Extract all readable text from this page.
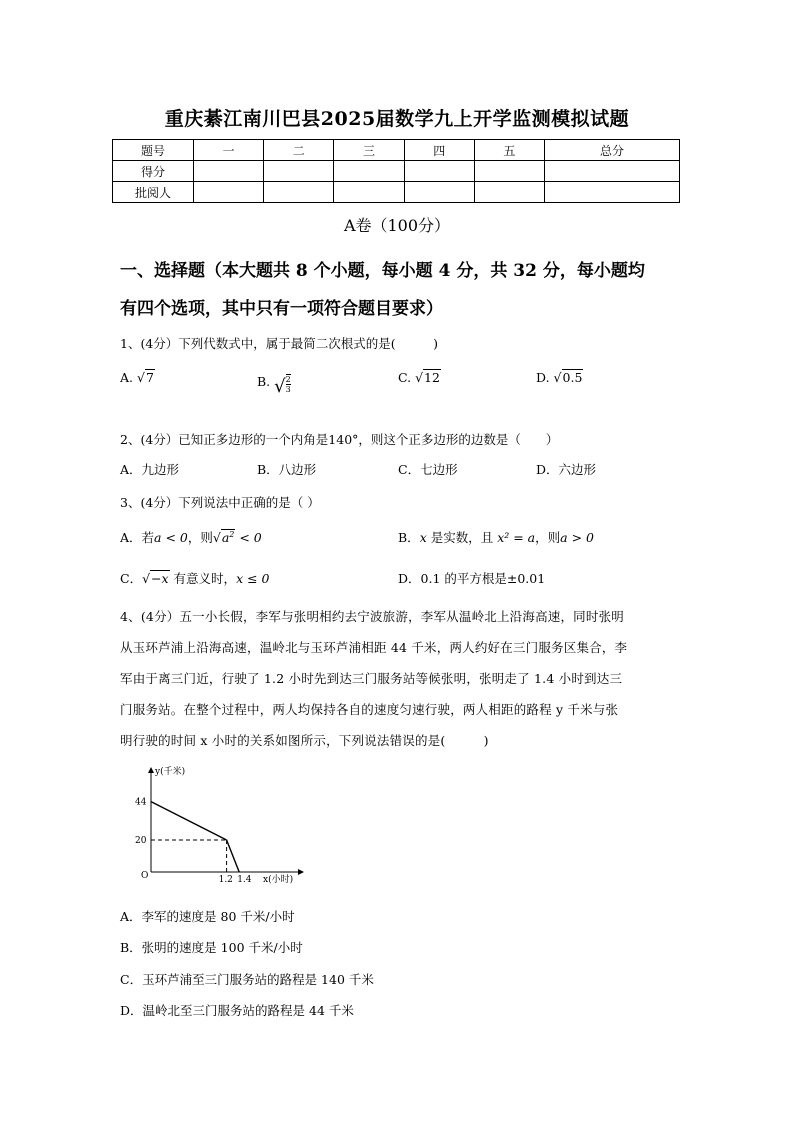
重庆綦江南川巴县2025届数学九上开学监测模拟试题
题号	一	二	三	四	五	总分
得分						
批阅人						
A卷（100分）
一、选择题（本大题共 8 个小题，每小题 4 分，共 32 分，每小题均
有四个选项，其中只有一项符合题目要求）
1、(4分）下列代数式中，属于最简二次根式的是(　　　)
A. √7	B. $√\frac{2}{3}$	C. √12	D. √0.5
2、(4分）已知正多边形的一个内角是140°，则这个正多边形的边数是（　　）
A．九边形	B．八边形	C．七边形	D．六边形
3、(4分）下列说法中正确的是（ ）
A．若a < 0，则$√a^2 < 0$	B．x 是实数，且 x² = a，则a > 0
C．√−x 有意义时，x ≤ 0	D．0.1 的平方根是±0.01
4、(4分）五一小长假，李军与张明相约去宁波旅游，李军从温岭北上沿海高速，同时张明
从玉环芦浦上沿海高速，温岭北与玉环芦浦相距 44 千米，两人约好在三门服务区集合，李
军由于离三门近，行驶了 1.2 小时先到达三门服务站等候张明，张明走了 1.4 小时到达三
门服务站。在整个过程中，两人均保持各自的速度匀速行驶，两人相距的路程 y 千米与张
明行驶的时间 x 小时的关系如图所示，下列说法错误的是(　　　)
y(千米)
x(小时)
O
44
20
1.2 1.4
A．李军的速度是 80 千米/小时
B．张明的速度是 100 千米/小时
C．玉环芦浦至三门服务站的路程是 140 千米
D．温岭北至三门服务站的路程是 44 千米
